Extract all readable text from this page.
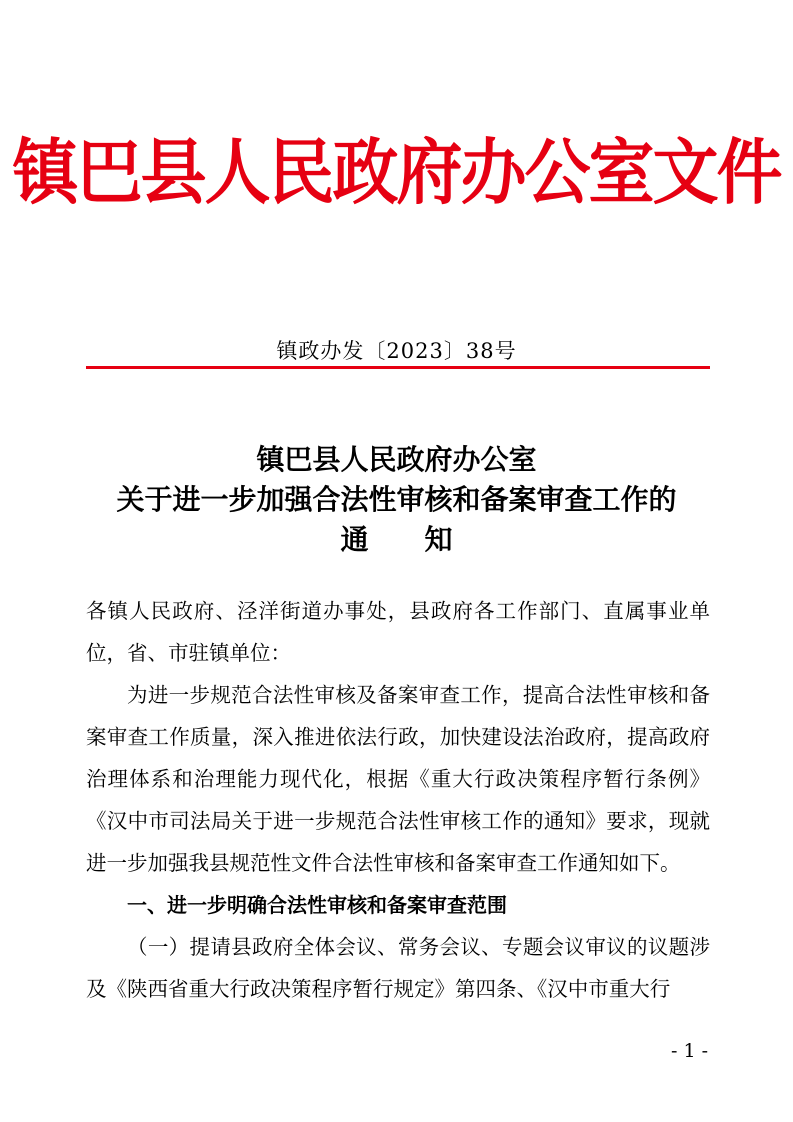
镇巴县人民政府办公室文件
镇政办发〔2023〕38号
镇巴县人民政府办公室
关于进一步加强合法性审核和备案审查工作的
通知

各镇人民政府、泾洋街道办事处，县政府各工作部门、直属事业单位，省、市驻镇单位：

为进一步规范合法性审核及备案审查工作，提高合法性审核和备案审查工作质量，深入推进依法行政，加快建设法治政府，提高政府治理体系和治理能力现代化，根据《重大行政决策程序暂行条例》《汉中市司法局关于进一步规范合法性审核工作的通知》要求，现就进一步加强我县规范性文件合法性审核和备案审查工作通知如下。

一、进一步明确合法性审核和备案审查范围

（一）提请县政府全体会议、常务会议、专题会议审议的议题涉及《陕西省重大行政决策程序暂行规定》第四条、《汉中市重大行

- 1 -
